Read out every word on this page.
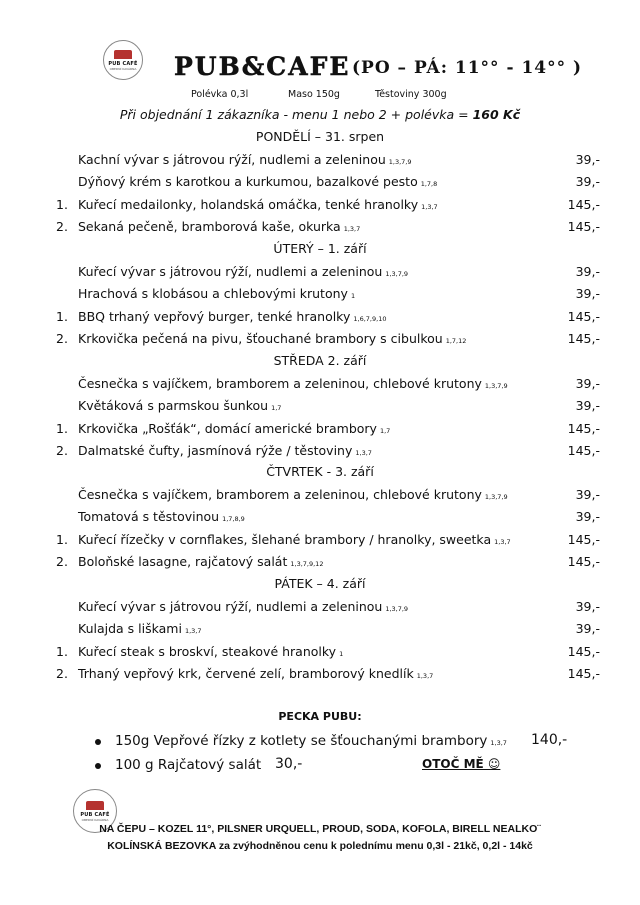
PUB CAFÉ
OBEDNÍ KAVÁRNA PUB&CAFE (PO – PÁ: 11°° - 14°° )
Polévka 0,3l	Maso 150g	Těstoviny 300g
Při objednání 1 zákazníka - menu 1 nebo 2 + polévka = 160 Kč
PONDĚLÍ – 31. srpen
Kachní vývar s játrovou rýží, nudlemi a zeleninou 1,3,7,9	39,-
Dýňový krém s karotkou a kurkumou, bazalkové pesto 1,7,8	39,-
1. Kuřecí medailonky, holandská omáčka, tenké hranolky 1,3,7	145,-
2. Sekaná pečeně, bramborová kaše, okurka 1,3,7	145,-
ÚTERÝ – 1. září
Kuřecí vývar s játrovou rýží, nudlemi a zeleninou 1,3,7,9	39,-
Hrachová s klobásou a chlebovými krutony 1	39,-
1. BBQ trhaný vepřový burger, tenké hranolky 1,6,7,9,10	145,-
2. Krkovička pečená na pivu, šťouchané brambory s cibulkou 1,7,12	145,-
STŘEDA 2. září
Česnečka s vajíčkem, bramborem a zeleninou, chlebové krutony 1,3,7,9	39,-
Květáková s parmskou šunkou 1,7	39,-
1. Krkovička „Rošťák“, domácí americké brambory 1,7	145,-
2. Dalmatské čufty, jasmínová rýže / těstoviny 1,3,7	145,-
ČTVRTEK - 3. září
Česnečka s vajíčkem, bramborem a zeleninou, chlebové krutony 1,3,7,9	39,-
Tomatová s těstovinou 1,7,8,9	39,-
1. Kuřecí řízečky v cornflakes, šlehané brambory / hranolky, sweetka 1,3,7	145,-
2. Boloňské lasagne, rajčatový salát 1,3,7,9,12	145,-
PÁTEK – 4. září
Kuřecí vývar s játrovou rýží, nudlemi a zeleninou 1,3,7,9	39,-
Kulajda s liškami 1,3,7	39,-
1. Kuřecí steak s broskví, steakové hranolky 1	145,-
2. Trhaný vepřový krk, červené zelí, bramborový knedlík 1,3,7	145,-
PECKA PUBU:
150g Vepřové řízky z kotlety se šťouchanými brambory 1,3,7 140,-
100 g Rajčatový salát 30,-	OTOČ MĚ ☺
PUB CAFÉ
OBEDNÍ KAVÁRNA
NA ČEPU – KOZEL 11°, PILSNER URQUELL, PROUD, SODA, KOFOLA, BIRELL NEALKO¨
KOLÍNSKÁ BEZOVKA za zvýhodněnou cenu k polednímu menu 0,3l - 21kč, 0,2l - 14kč
